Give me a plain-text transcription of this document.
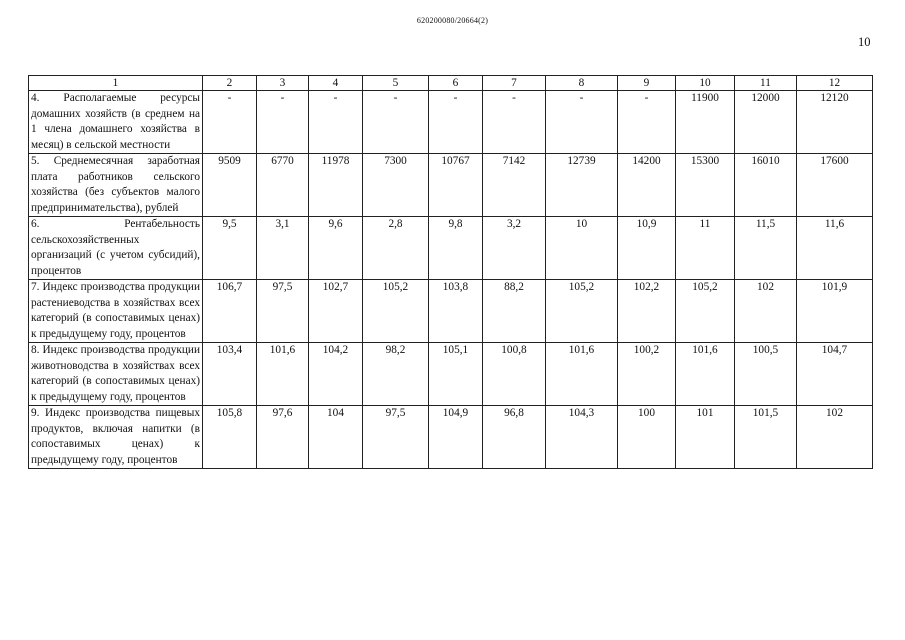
620200080/20664(2)
10
1	2	3	4	5	6	7	8	9	10	11	12
4. Располагаемые ресурсы домашних хозяйств (в среднем на 1 члена домашнего хозяйства в месяц) в сельской местности	-	-	-	-	-	-	-	-	11900	12000	12120
5. Среднемесячная заработная плата работников сельского хозяйства (без субъектов малого предпринимательства), рублей	9509	6770	11978	7300	10767	7142	12739	14200	15300	16010	17600
6. Рентабельность сельскохозяйственных организаций (с учетом субсидий), процентов	9,5	3,1	9,6	2,8	9,8	3,2	10	10,9	11	11,5	11,6
7. Индекс производства продукции растениеводства в хозяйствах всех категорий (в сопоставимых ценах) к предыдущему году, процентов	106,7	97,5	102,7	105,2	103,8	88,2	105,2	102,2	105,2	102	101,9
8. Индекс производства продукции животноводства в хозяйствах всех категорий (в сопоставимых ценах) к предыдущему году, процентов	103,4	101,6	104,2	98,2	105,1	100,8	101,6	100,2	101,6	100,5	104,7
9. Индекс производства пищевых продуктов, включая напитки (в сопоставимых ценах) к предыдущему году, процентов	105,8	97,6	104	97,5	104,9	96,8	104,3	100	101	101,5	102
